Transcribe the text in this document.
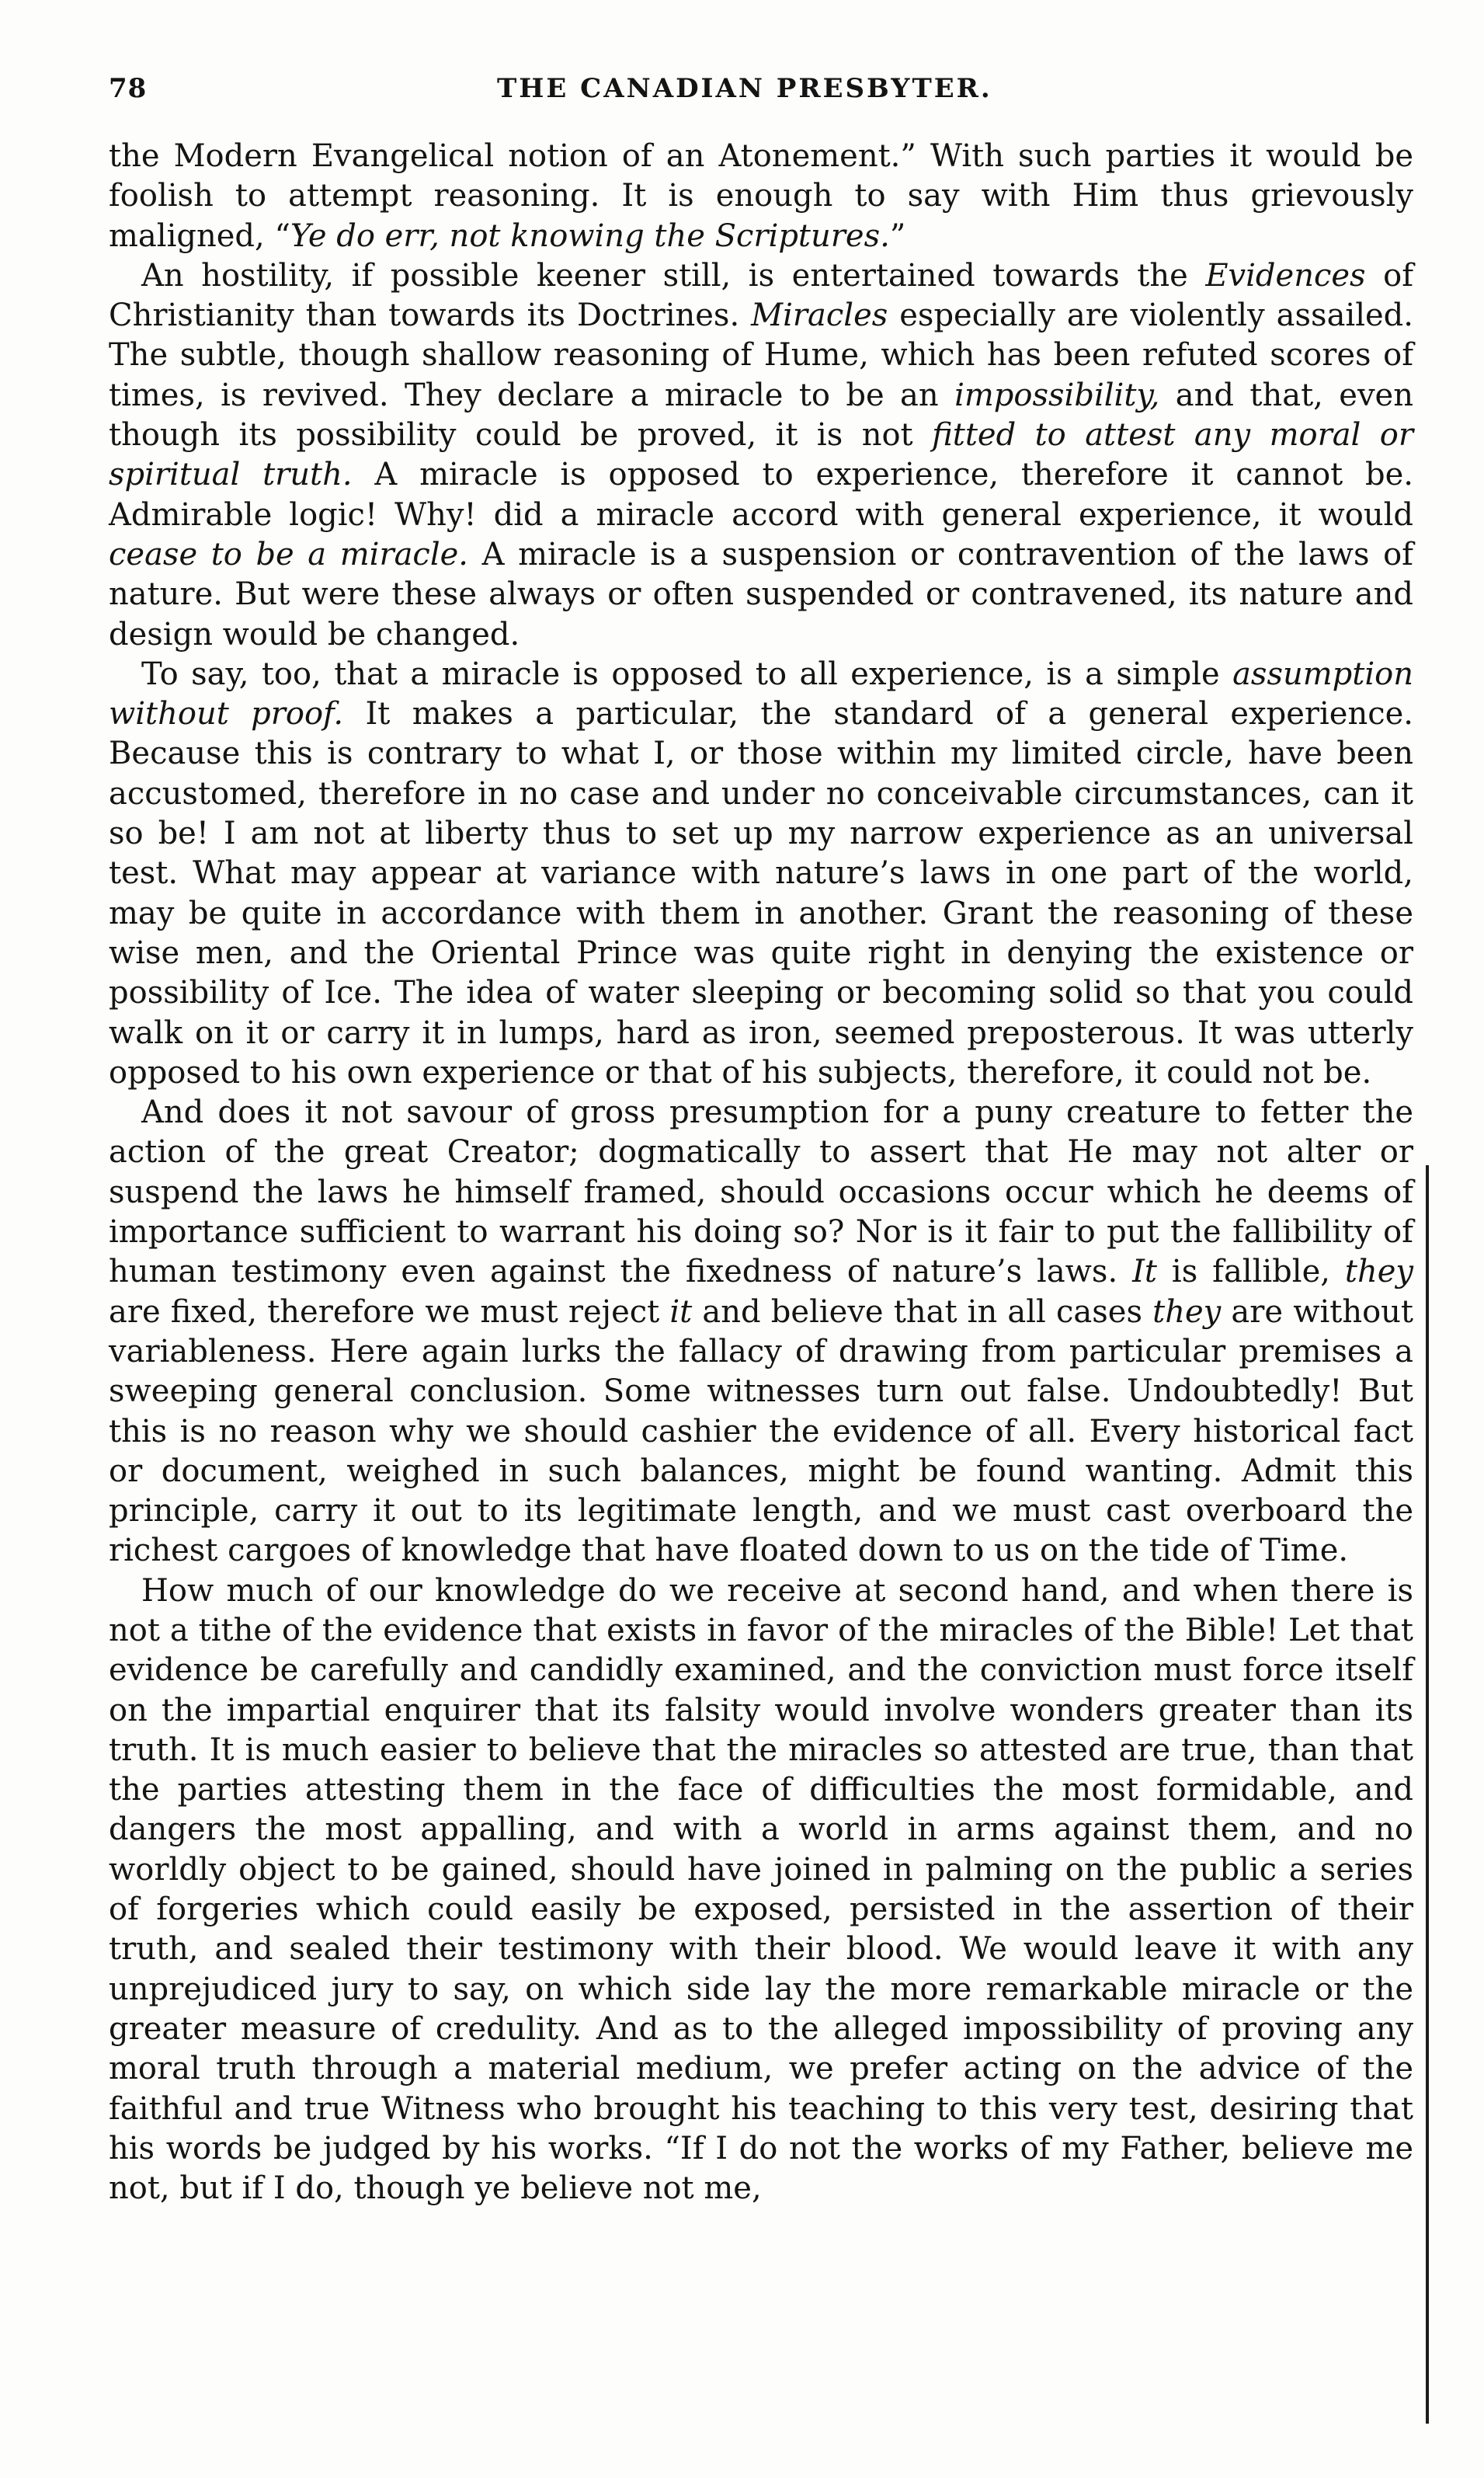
78	THE CANADIAN PRESBYTER.

the Modern Evangelical notion of an Atonement.” With such parties it would be foolish to attempt reasoning. It is enough to say with Him thus grievously maligned, “Ye do err, not knowing the Scriptures.”

An hostility, if possible keener still, is entertained towards the Evidences of Christianity than towards its Doctrines. Miracles especially are violently assailed. The subtle, though shallow reasoning of Hume, which has been refuted scores of times, is revived. They declare a miracle to be an impossibility, and that, even though its possibility could be proved, it is not fitted to attest any moral or spiritual truth. A miracle is opposed to experience, therefore it cannot be. Admirable logic! Why! did a miracle accord with general experience, it would cease to be a miracle. A miracle is a suspension or contravention of the laws of nature. But were these always or often suspended or contravened, its nature and design would be changed.

To say, too, that a miracle is opposed to all experience, is a simple assumption without proof. It makes a particular, the standard of a general experience. Because this is contrary to what I, or those within my limited circle, have been accustomed, therefore in no case and under no conceivable circumstances, can it so be! I am not at liberty thus to set up my narrow experience as an universal test. What may appear at variance with nature’s laws in one part of the world, may be quite in accordance with them in another. Grant the reasoning of these wise men, and the Oriental Prince was quite right in denying the existence or possibility of Ice. The idea of water sleeping or becoming solid so that you could walk on it or carry it in lumps, hard as iron, seemed preposterous. It was utterly opposed to his own experience or that of his subjects, therefore, it could not be.

And does it not savour of gross presumption for a puny creature to fetter the action of the great Creator; dogmatically to assert that He may not alter or suspend the laws he himself framed, should occasions occur which he deems of importance sufficient to warrant his doing so? Nor is it fair to put the fallibility of human testimony even against the fixedness of nature’s laws. It is fallible, they are fixed, therefore we must reject it and believe that in all cases they are without variableness. Here again lurks the fallacy of drawing from particular premises a sweeping general conclusion. Some witnesses turn out false. Undoubtedly! But this is no reason why we should cashier the evidence of all. Every historical fact or document, weighed in such balances, might be found wanting. Admit this principle, carry it out to its legitimate length, and we must cast overboard the richest cargoes of knowledge that have floated down to us on the tide of Time.

How much of our knowledge do we receive at second hand, and when there is not a tithe of the evidence that exists in favor of the miracles of the Bible! Let that evidence be carefully and candidly examined, and the conviction must force itself on the impartial enquirer that its falsity would involve wonders greater than its truth. It is much easier to believe that the miracles so attested are true, than that the parties attesting them in the face of difficulties the most formidable, and dangers the most appalling, and with a world in arms against them, and no worldly object to be gained, should have joined in palming on the public a series of forgeries which could easily be exposed, persisted in the assertion of their truth, and sealed their testimony with their blood. We would leave it with any unprejudiced jury to say, on which side lay the more remarkable miracle or the greater measure of credulity. And as to the alleged impossibility of proving any moral truth through a material medium, we prefer acting on the advice of the faithful and true Witness who brought his teaching to this very test, desiring that his words be judged by his works. “If I do not the works of my Father, believe me not, but if I do, though ye believe not me,
